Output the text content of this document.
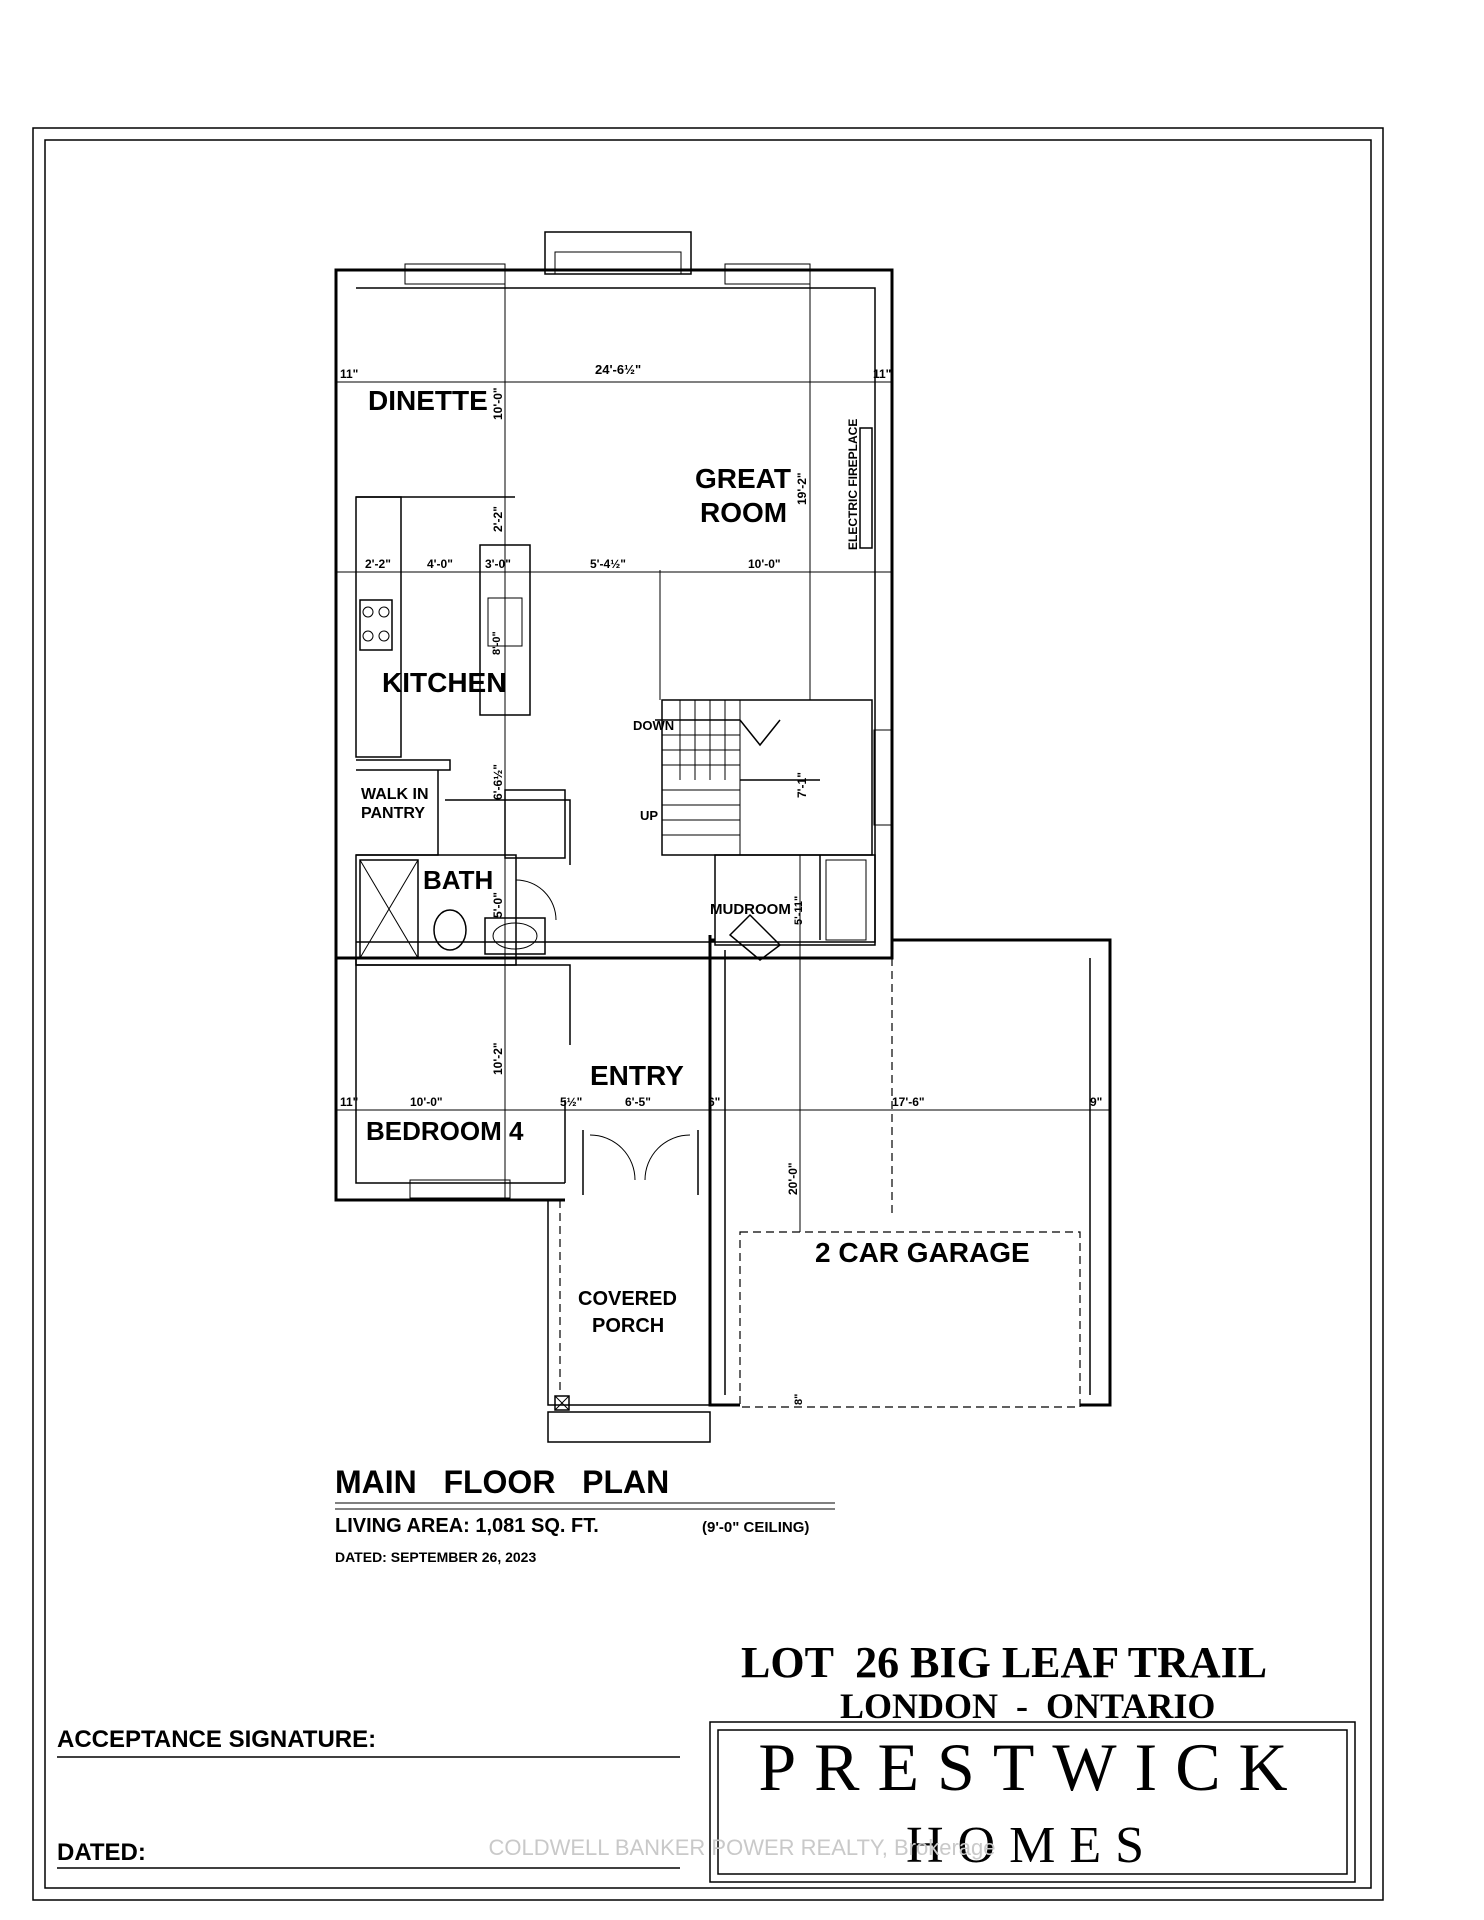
DINETTE
GREAT
ROOM
KITCHEN
WALK IN
PANTRY
BATH
MUDROOM
ENTRY
BEDROOM 4
COVERED
PORCH
2 CAR GARAGE
ELECTRIC FIREPLACE
DOWN
UP
11"	24'-6½"	11"
10'-0"
19'-2"
2'-2"
2'-2"	4'-0"	3'-0"	5'-4½"	10'-0"
8'-0"
6'-6½"	7'-1"
5'-0"	5'-11"
10'-2"
11"	10'-0"	5½"	6'-5"	6"	17'-6"	9"
20'-0"
8"
MAIN   FLOOR   PLAN
LIVING AREA: 1,081 SQ. FT.	(9'-0" CEILING)
DATED: SEPTEMBER 26, 2023
LOT  26 BIG LEAF TRAIL
LONDON  -  ONTARIO
ACCEPTANCE SIGNATURE:
DATED:
PRESTWICK
HOMES
COLDWELL BANKER POWER REALTY, Brokerage
